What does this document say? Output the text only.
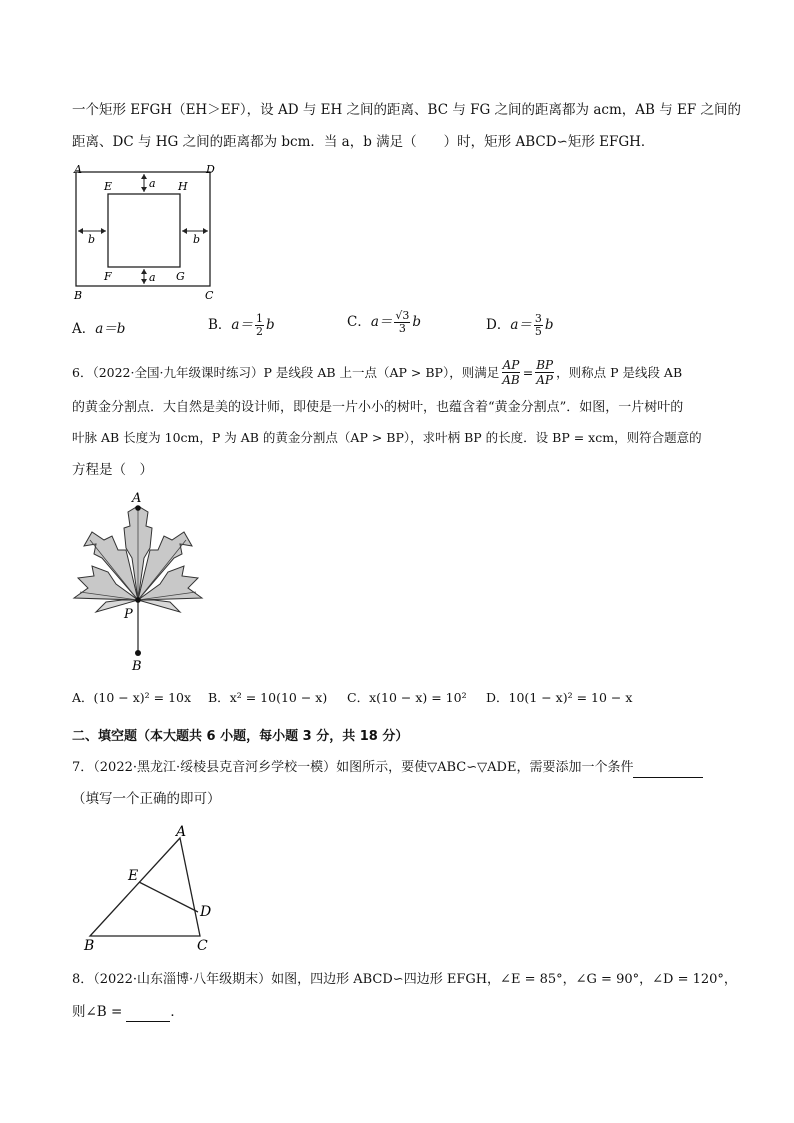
一个矩形 EFGH（EH＞EF），设 AD 与 EH 之间的距离、BC 与 FG 之间的距离都为 acm，AB 与 EF 之间的
距离、DC 与 HG 之间的距离都为 bcm．当 a，b 满足（　　）时，矩形 ABCD∽矩形 EFGH．
A	D
E	H
a
b	b
F	G
a
B	C
A．a＝b	B．$a= \frac{1}{2}$ b	C．$a= \frac{√3}{3}$ b	D．$a= \frac{3}{5}$ b
6．（2022·全国·九年级课时练习）P 是线段 AB 上一点（AP > BP），则满足 $\frac{AP}{AB} = \frac{BP}{AP}$ ，则称点 P 是线段 AB
的黄金分割点．大自然是美的设计师，即使是一片小小的树叶，也蕴含着“黄金分割点”．如图，一片树叶的
叶脉 AB 长度为 10cm，P 为 AB 的黄金分割点（AP > BP），求叶柄 BP 的长度．设 BP = xcm，则符合题意的
方程是（　）
A
P
B
A．(10 − x)² = 10x B．x² = 10(10 − x) C．x(10 − x) = 10² D．10(1 − x)² = 10 − x
二、填空题（本大题共 6 小题，每小题 3 分，共 18 分）
7．（2022·黑龙江·绥棱县克音河乡学校一模）如图所示，要使▽ABC∽▽ADE，需要添加一个条件
（填写一个正确的即可）
A
E
D
B	C
8．（2022·山东淄博·八年级期末）如图，四边形 ABCD∽四边形 EFGH，∠E = 85°，∠G = 90°，∠D = 120°，
则∠B =	．
